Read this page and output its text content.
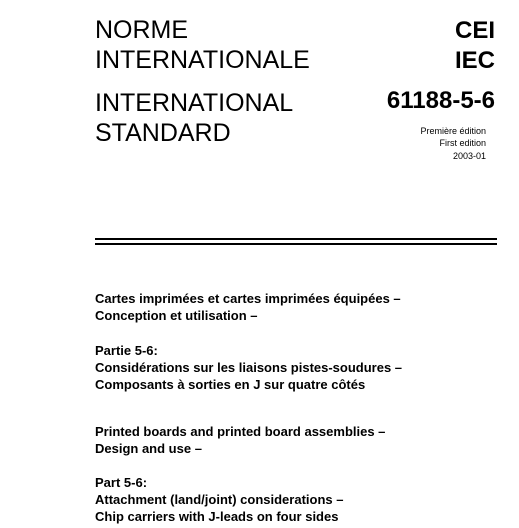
NORME
INTERNATIONALE
INTERNATIONAL
STANDARD
CEI
IEC
61188-5-6
Première édition
First edition
2003-01
Cartes imprimées et cartes imprimées équipées –
Conception et utilisation –
Partie 5-6:
Considérations sur les liaisons pistes-soudures –
Composants à sorties en J sur quatre côtés
Printed boards and printed board assemblies –
Design and use –
Part 5-6:
Attachment (land/joint) considerations –
Chip carriers with J-leads on four sides
